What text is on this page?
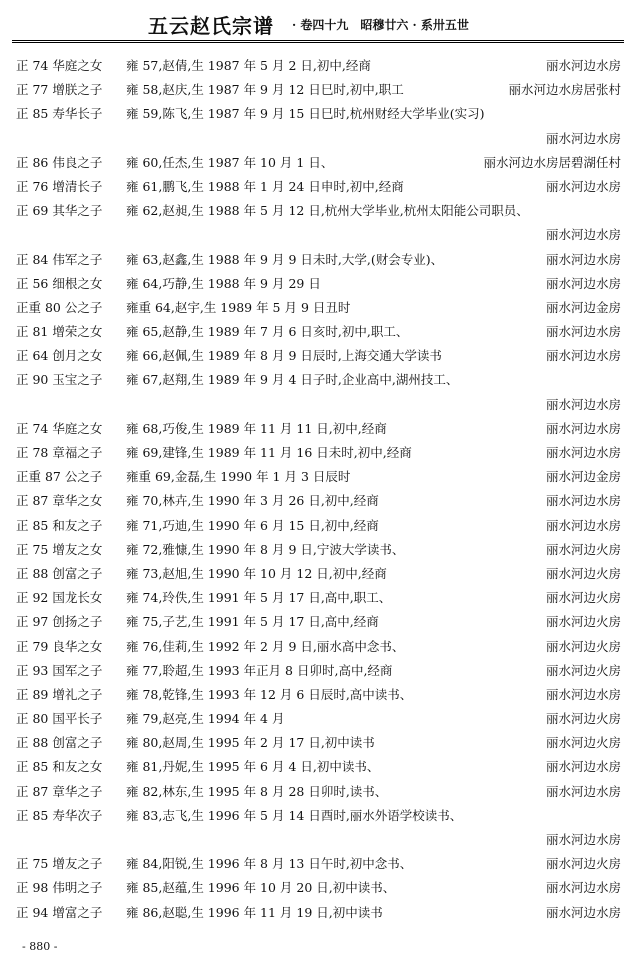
五云赵氏宗谱 · 卷四十九　昭穆廿六 · 系卅五世
正 74 华庭之女 雍 57,赵倩,生 1987 年 5 月 2 日,初中,经商	丽水河边水房
正 77 增朕之子 雍 58,赵庆,生 1987 年 9 月 12 日巳时,初中,职工	丽水河边水房居张村
正 85 寿华长子 雍 59,陈飞,生 1987 年 9 月 15 日巳时,杭州财经大学毕业(实习)
丽水河边水房
正 86 伟良之子 雍 60,任杰,生 1987 年 10 月 1 日、	丽水河边水房居碧湖任村
正 76 增清长子 雍 61,鹏飞,生 1988 年 1 月 24 日申时,初中,经商	丽水河边水房
正 69 其华之子 雍 62,赵昶,生 1988 年 5 月 12 日,杭州大学毕业,杭州太阳能公司职员、
丽水河边水房
正 84 伟军之子 雍 63,赵鑫,生 1988 年 9 月 9 日未时,大学,(财会专业)、	丽水河边水房
正 56 细根之女 雍 64,巧静,生 1988 年 9 月 29 日	丽水河边水房
正重 80 公之子 雍重 64,赵宇,生 1989 年 5 月 9 日丑时	丽水河边金房
正 81 增荣之女 雍 65,赵静,生 1989 年 7 月 6 日亥时,初中,职工、	丽水河边水房
正 64 创月之女 雍 66,赵佩,生 1989 年 8 月 9 日辰时,上海交通大学读书	丽水河边水房
正 90 玉宝之子 雍 67,赵翔,生 1989 年 9 月 4 日子时,企业高中,湖州技工、
丽水河边水房
正 74 华庭之女 雍 68,巧俊,生 1989 年 11 月 11 日,初中,经商	丽水河边水房
正 78 章福之子 雍 69,建锋,生 1989 年 11 月 16 日未时,初中,经商	丽水河边水房
正重 87 公之子 雍重 69,金磊,生 1990 年 1 月 3 日辰时	丽水河边金房
正 87 章华之女 雍 70,林卉,生 1990 年 3 月 26 日,初中,经商	丽水河边水房
正 85 和友之子 雍 71,巧迪,生 1990 年 6 月 15 日,初中,经商	丽水河边水房
正 75 增友之女 雍 72,雅慷,生 1990 年 8 月 9 日,宁波大学读书、	丽水河边火房
正 88 创富之子 雍 73,赵旭,生 1990 年 10 月 12 日,初中,经商	丽水河边火房
正 92 国龙长女 雍 74,玲佚,生 1991 年 5 月 17 日,高中,职工、	丽水河边火房
正 97 创扬之子 雍 75,子艺,生 1991 年 5 月 17 日,高中,经商	丽水河边火房
正 79 良华之女 雍 76,佳莉,生 1992 年 2 月 9 日,丽水高中念书、	丽水河边火房
正 93 国军之子 雍 77,聆超,生 1993 年正月 8 日卯时,高中,经商	丽水河边火房
正 89 增礼之子 雍 78,乾锋,生 1993 年 12 月 6 日辰时,高中读书、	丽水河边水房
正 80 国平长子 雍 79,赵亮,生 1994 年 4 月	丽水河边火房
正 88 创富之子 雍 80,赵周,生 1995 年 2 月 17 日,初中读书	丽水河边火房
正 85 和友之女 雍 81,丹妮,生 1995 年 6 月 4 日,初中读书、	丽水河边水房
正 87 章华之子 雍 82,林东,生 1995 年 8 月 28 日卯时,读书、	丽水河边水房
正 85 寿华次子 雍 83,志飞,生 1996 年 5 月 14 日酉时,丽水外语学校读书、
丽水河边水房
正 75 增友之子 雍 84,阳锐,生 1996 年 8 月 13 日午时,初中念书、	丽水河边火房
正 98 伟明之子 雍 85,赵蕴,生 1996 年 10 月 20 日,初中读书、	丽水河边水房
正 94 增富之子 雍 86,赵聪,生 1996 年 11 月 19 日,初中读书	丽水河边水房
- 880 -
